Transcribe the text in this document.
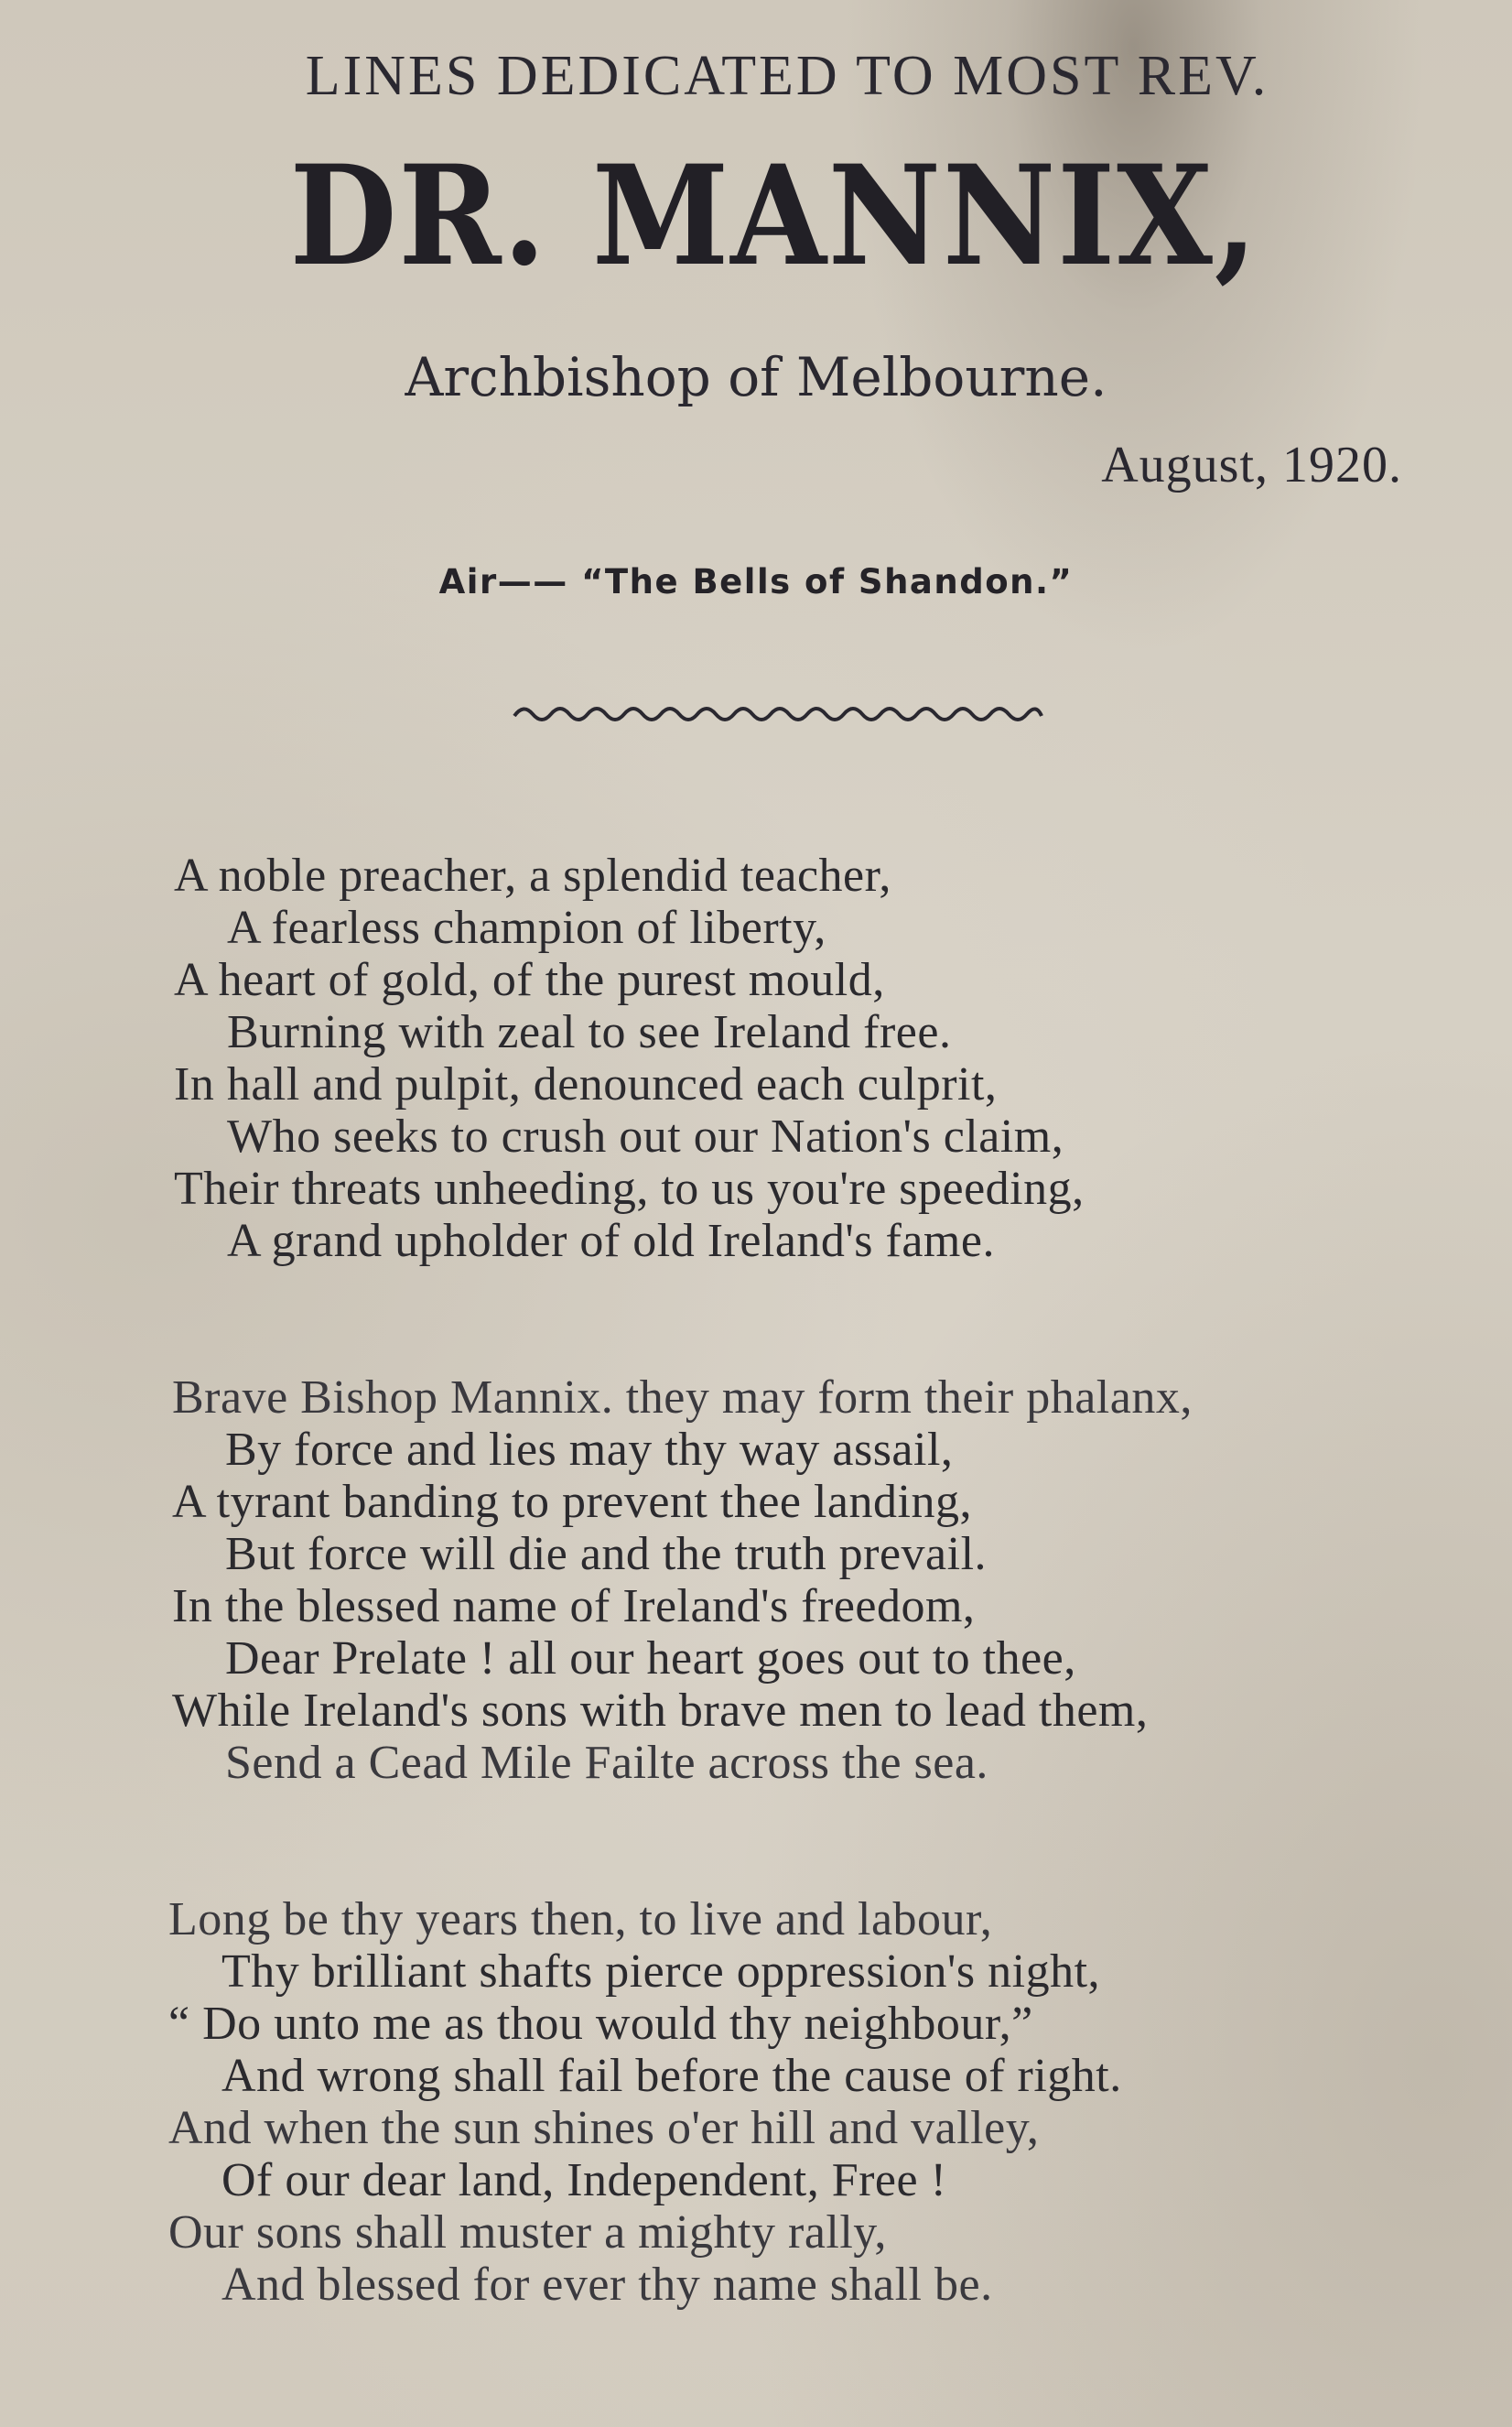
LINES DEDICATED TO MOST REV.
DR. MANNIX,
Archbishop of Melbourne.
August, 1920.
Air—— “The Bells of Shandon.”
A noble preacher, a splendid teacher,
A fearless champion of liberty,
A heart of gold, of the purest mould,
Burning with zeal to see Ireland free.
In hall and pulpit, denounced each culprit,
Who seeks to crush out our Nation's claim,
Their threats unheeding, to us you're speeding,
A grand upholder of old Ireland's fame.
Brave Bishop Mannix. they may form their phalanx,
By force and lies may thy way assail,
A tyrant banding to prevent thee landing,
But force will die and the truth prevail.
In the blessed name of Ireland's freedom,
Dear Prelate ! all our heart goes out to thee,
While Ireland's sons with brave men to lead them,
Send a Cead Mile Failte across the sea.
Long be thy years then, to live and labour,
Thy brilliant shafts pierce oppression's night,
“ Do unto me as thou would thy neighbour,”
And wrong shall fail before the cause of right.
And when the sun shines o'er hill and valley,
Of our dear land, Independent, Free !
Our sons shall muster a mighty rally,
And blessed for ever thy name shall be.
